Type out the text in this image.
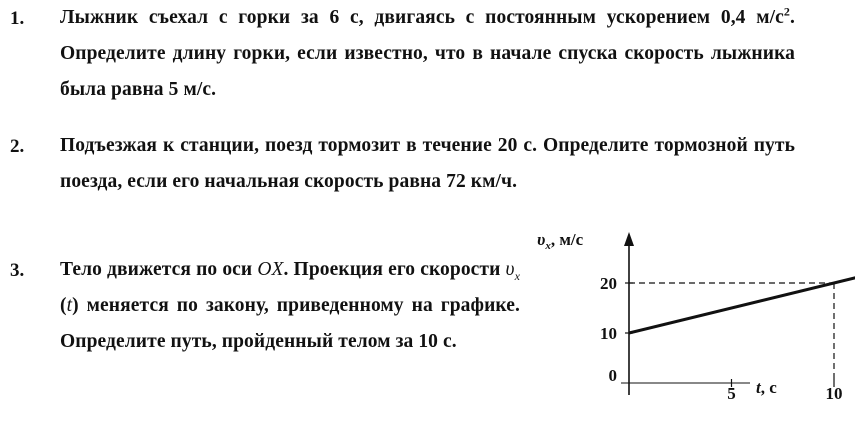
1. Лыжник съехал с горки за 6 с, двигаясь с постоянным ускорением 0,4 $м/с^2$. Определите длину горки, если известно, что в начале спуска скорость лыжника была равна 5 м/с.
2. Подъезжая к станции, поезд тормозит в течение 20 с. Определите тормозной путь поезда, если его начальная скорость равна 72 км/ч.
3. Тело движется по оси OX. Проекция его скорости $\upsilon_x$ (t) меняется по закону, приведенному на графике. Определите путь, пройденный телом за 10 с.	10
20
5	10
0
$\upsilon_x$, м/с
t, с
